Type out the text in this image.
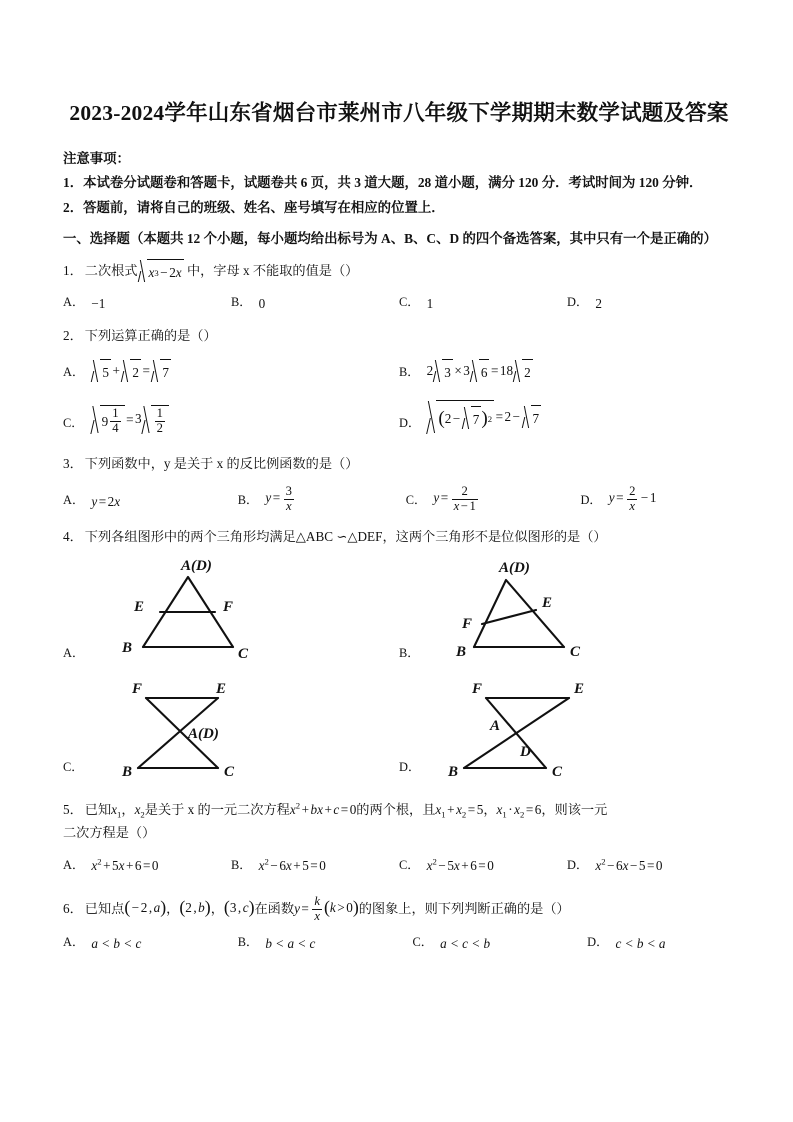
2023-2024学年山东省烟台市莱州市八年级下学期期末数学试题及答案

注意事项：

1．本试卷分试题卷和答题卡，试题卷共 6 页，共 3 道大题，28 道小题，满分 120 分．考试时间为 120 分钟．

2．答题前，请将自己的班级、姓名、座号填写在相应的位置上．

一、选择题（本题共 12 个小题，每小题均给出标号为 A、B、C、D 的四个备选答案，其中只有一个是正确的）

1． 二次根式 x 3 − 2 x 中，字母 x 不能取的值是（）

A． −1	B． 0	C． 1	D． 2

2． 下列运算正确的是（）

A． 5 + 2 = 7	B． 2 3 × 3 6 = 18 2
C． $9 \frac{1}{4} = 3 \frac{1}{2}$	D． ( 2 − 7 ) 2 = 2 − 7

3． 下列函数中，y 是关于 x 的反比例函数的是（）

A． y = 2x	B． $y = \frac{3}{x}$	C． $y = \frac{2}{x - 1}$	D． $y = \frac{2}{x} - 1$

4． 下列各组图形中的两个三角形均满足△ABC ∽△DEF，这两个三角形不是位似图形的是（）

A．
A(D)
E	F
B	C	B．
A(D)
E
F
B	C
C．
F	E
A(D)
B	C	D．
F	E
A
D
B	C

5． 已知$x_1$，$x_2$是关于 x 的一元二次方程$x^2$ + bx + c = 0的两个根，且$x_1 + x_2 = 5$，$x_1 \cdot x_2 = 6$，则该一元

二次方程是（）

A． $x^2 + 5x + 6 = 0$	B． $x^2 - 6x + 5 = 0$	C． $x^2 - 5x + 6 = 0$	D． $x^2 - 6x - 5 = 0$

6． 已知点 ( − 2 , a ) ， ( 2 , b ) ， ( 3 , c ) 在函数$y = \frac{k}{x}$ ( k > 0 ) 的图象上，则下列判断正确的是（）

A． a < b < c	B． b < a < c	C． a < c < b	D． c < b < a
